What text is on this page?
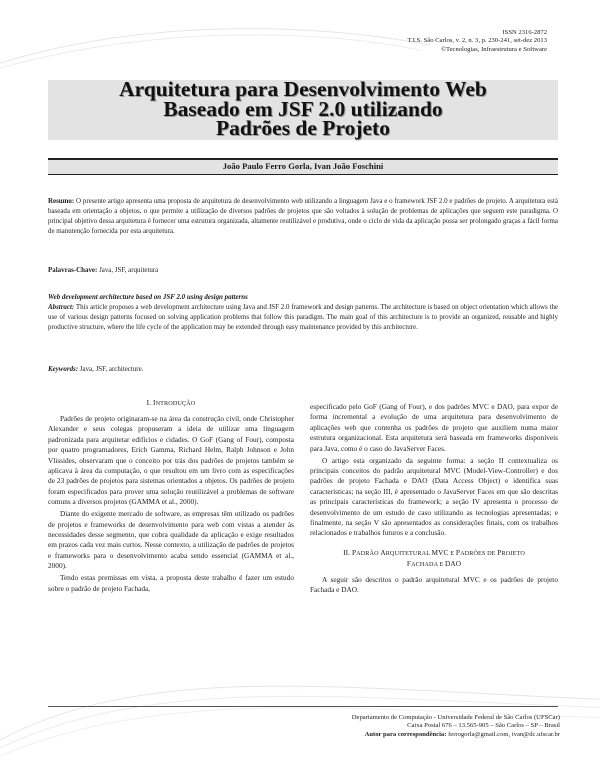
ISSN 2316-2872
T.I.S. São Carlos, v. 2, n. 3, p. 230-241, set-dez 2013
©Tecnologias, Infraestrutura e Software
Arquitetura para Desenvolvimento Web
Baseado em JSF 2.0 utilizando
Padrões de Projeto
João Paulo Ferro Gorla, Ivan João Foschini
Resumo: O presente artigo apresenta uma proposta de arquitetura de desenvolvimento web utilizando a linguagem Java e o framework JSF 2.0 e padrões de projeto. A arquitetura está baseada em orientação a objetos, o que permite a utilização de diversos padrões de projetos que são voltados à solução de problemas de aplicações que seguem este paradigma. O principal objetivo dessa arquitetura é fornecer uma estrutura organizada, altamente reutilizável e produtiva, onde o ciclo de vida da aplicação possa ser prolongado graças a fácil forma de manutenção fornecida por esta arquitetura.
Palavras-Chave: Java, JSF, arquitetura
Web development architecture based on JSF 2.0 using design patterns
Abstract: This article proposes a web development architecture using Java and JSF 2.0 framework and design patterns. The architecture is based on object orientation which allows the use of various design patterns focused on solving application problems that follow this paradigm. The main goal of this architecture is to provide an organized, reusable and highly productive structure, where the life cycle of the application may be extended through easy maintenance provided by this architecture.
Keywords: Java, JSF, architecture.
I. INTRODUÇÃO

Padrões de projeto originaram-se na área da construção civil, onde Christopher Alexander e seus colegas propuseram a ideia de utilizar uma linguagem padronizada para arquitetar edifícios e cidades. O GoF (Gang of Four), composta por quatro programadores, Erich Gamma, Richard Helm, Ralph Johnson e John Vlissides, observaram que o conceito por trás dos padrões de projetos também se aplicava à área da computação, o que resultou em um livro com as especificações de 23 padrões de projetos para sistemas orientados a objetos. Os padrões de projeto foram especificados para prover uma solução reutilizável a problemas de software comuns a diversos projetos (GAMMA et al., 2000).

Diante do exigente mercado de software, as empresas têm utilizado os padrões de projetos e frameworks de desenvolvimento para web com vistas a atender às necessidades desse segmento, que cobra qualidade da aplicação e exige resultados em prazos cada vez mais curtos. Nesse contexto, a utilização de padrões de projetos e frameworks para o desenvolvimento acaba sendo essencial (GAMMA et al., 2000).

Tendo estas premissas em vista, a proposta deste trabalho é fazer um estudo sobre o padrão de projeto Fachada,

especificado pelo GoF (Gang of Four), e dos padrões MVC e DAO, para expor de forma incremental a evolução de uma arquitetura para desenvolvimento de aplicações web que contenha os padrões de projeto que auxiliem numa maior estrutura organizacional. Esta arquitetura será baseada em frameworks disponíveis para Java, como é o caso do JavaServer Faces.

O artigo esta organizado da seguinte forma: a seção II contextualiza os principais conceitos do padrão arquitetural MVC (Model-View-Controller) e dos padrões de projeto Fachada e DAO (Data Access Object) e identifica suas características; na seção III, é apresentado o JavaServer Faces em que são descritas as principais características do framework; a seção IV apresenta o processo de desenvolvimento de um estudo de caso utilizando as tecnologias apresentadas; e finalmente, na seção V são apresentados as considerações finais, com os trabalhos relacionados e trabalhos futuros e a conclusão.

II. PADRÃO ARQUITETURAL MVC E PADRÕES DE PROJETO
FACHADA E DAO

A seguir são descritos o padrão arquitetural MVC e os padrões de projeto Fachada e DAO.

Departamento de Computação - Universidade Federal de São Carlos (UFSCar)
Caixa Postal 676 – 13.565-905 – São Carlos – SP – Brasil
Autor para correspondência: ferrogorla@gmail.com, ivan@dc.ufscar.br
